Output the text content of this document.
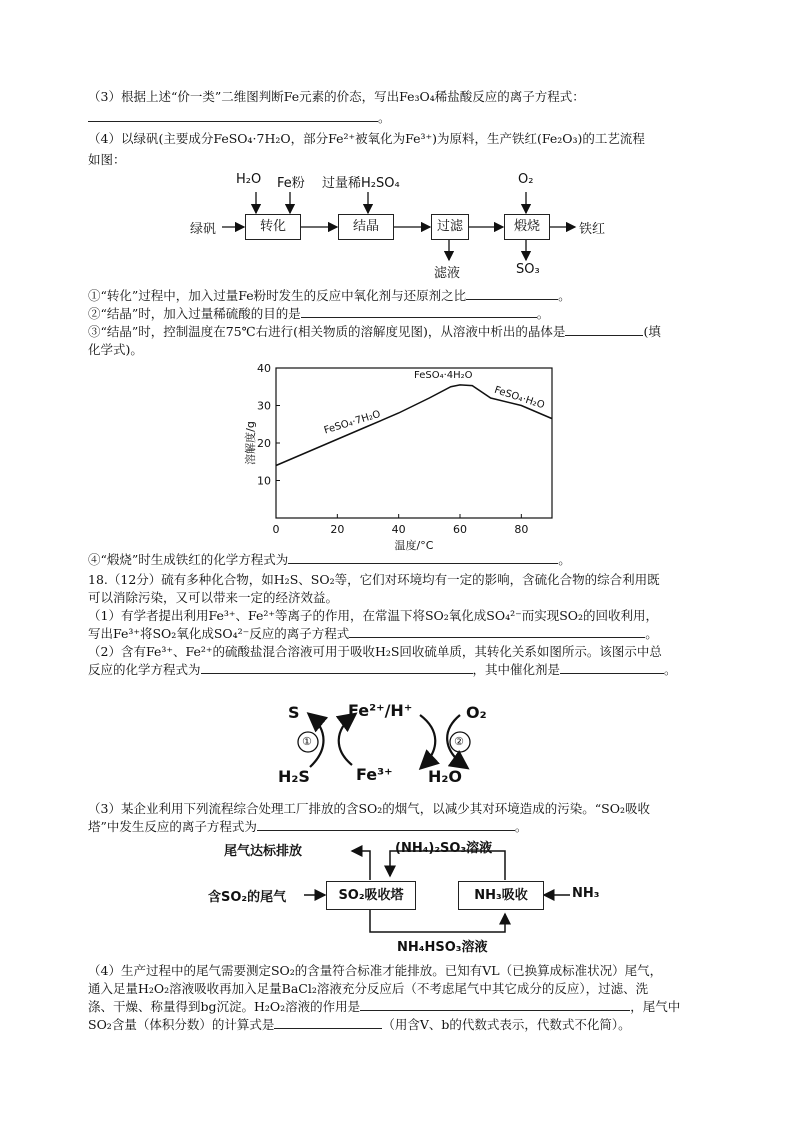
（3）根据上述“价一类”二维图判断Fe元素的价态，写出Fe₃O₄稀盐酸反应的离子方程式：
。
（4）以绿矾(主要成分FeSO₄·7H₂O，部分Fe²⁺被氧化为Fe³⁺)为原料，生产铁红(Fe₂O₃)的工艺流程
如图：
H₂O Fe粉 过量稀H₂SO₄	O₂
绿矾	转化	结晶	过滤	煅烧	铁红
滤液	SO₃
①“转化”过程中，加入过量Fe粉时发生的反应中氧化剂与还原剂之比	。
②“结晶”时，加入过量稀硫酸的目的是	。
③“结晶”时，控制温度在75℃右进行(相关物质的溶解度见图)，从溶液中析出的晶体是	(填
化学式)。
0	20	40	60	80
10
20
30
40
温度/°C
溶解度/g	FeSO₄·7H₂O
FeSO₄·4H₂O
FeSO₄·H₂O
④“煅烧”时生成铁红的化学方程式为	。
18.（12分）硫有多种化合物，如H₂S、SO₂等，它们对环境均有一定的影响，含硫化合物的综合利用既
可以消除污染，又可以带来一定的经济效益。
（1）有学者提出利用Fe³⁺、Fe²⁺等离子的作用，在常温下将SO₂氧化成SO₄²⁻而实现SO₂的回收利用，
写出Fe³⁺将SO₂氧化成SO₄²⁻反应的离子方程式	。
（2）含有Fe³⁺、Fe²⁺的硫酸盐混合溶液可用于吸收H₂S回收硫单质，其转化关系如图所示。该图示中总
反应的化学方程式为	，其中催化剂是	。
S	Fe²⁺/H⁺	O₂
H₂S	Fe³⁺ H₂O
①	②
（3）某企业利用下列流程综合处理工厂排放的含SO₂的烟气，以减少其对环境造成的污染。“SO₂吸收
塔”中发生反应的离子方程式为	。
尾气达标排放	(NH₄)₂SO₃溶液
含SO₂的尾气	SO₂吸收塔	NH₃吸收	NH₃
NH₄HSO₃溶液
（4）生产过程中的尾气需要测定SO₂的含量符合标准才能排放。已知有VL（已换算成标准状况）尾气，
通入足量H₂O₂溶液吸收再加入足量BaCl₂溶液充分反应后（不考虑尾气中其它成分的反应），过滤、洗
涤、干燥、称量得到bg沉淀。H₂O₂溶液的作用是	，尾气中
SO₂含量（体积分数）的计算式是	（用含V、b的代数式表示，代数式不化简）。
